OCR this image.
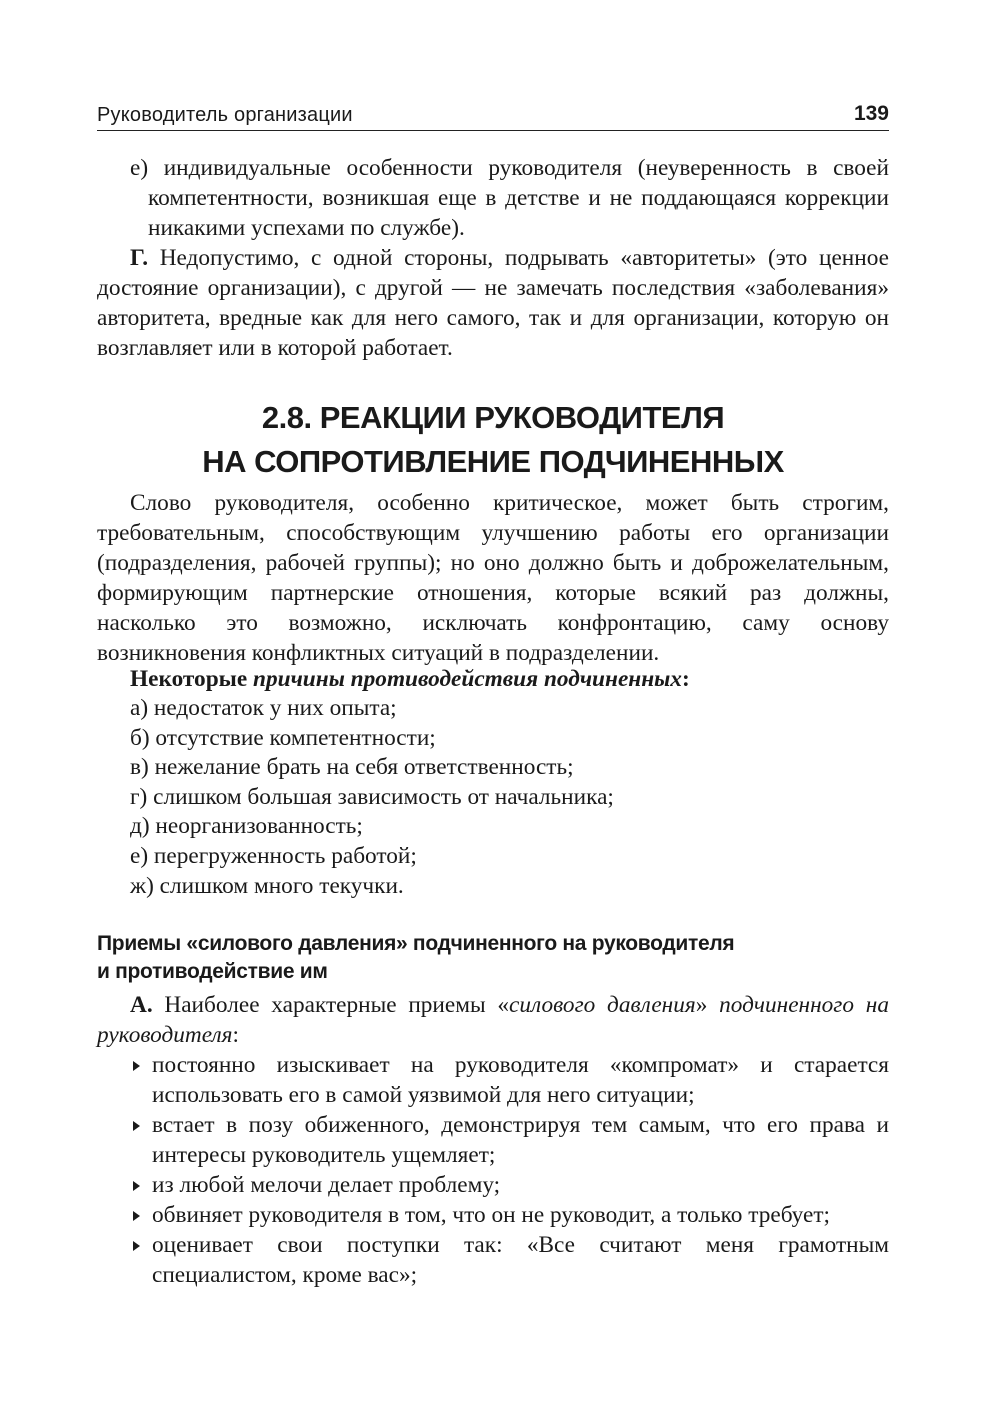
Руководитель организации	139

е) индивидуальные особенности руководителя (неуверенность в своей компетентности, возникшая еще в детстве и не поддающаяся коррекции никакими успехами по службе).

Г. Недопустимо, с одной стороны, подрывать «авторитеты» (это ценное достояние организации), с другой — не замечать последствия «заболевания» авторитета, вредные как для него самого, так и для организации, которую он возглавляет или в которой работает.

2.8. РЕАКЦИИ РУКОВОДИТЕЛЯ
НА СОПРОТИВЛЕНИЕ ПОДЧИНЕННЫХ

Слово руководителя, особенно критическое, может быть строгим, требовательным, способствующим улучшению работы его организации (подразделения, рабочей группы); но оно должно быть и доброжелательным, формирующим партнерские отношения, которые всякий раз должны, насколько это возможно, исключать конфронтацию, саму основу возникновения конфликтных ситуаций в подразделении.

Некоторые причины противодействия подчиненных:
а) недостаток у них опыта;
б) отсутствие компетентности;
в) нежелание брать на себя ответственность;
г) слишком большая зависимость от начальника;
д) неорганизованность;
е) перегруженность работой;
ж) слишком много текучки.
Приемы «силового давления» подчиненного на руководителя
и противодействие им

А. Наиболее характерные приемы «силового давления» подчиненного на руководителя:

постоянно изыскивает на руководителя «компромат» и старается использовать его в самой уязвимой для него ситуации;
встает в позу обиженного, демонстрируя тем самым, что его права и интересы руководитель ущемляет;
из любой мелочи делает проблему;
обвиняет руководителя в том, что он не руководит, а только требует;
оценивает свои поступки так: «Все считают меня грамотным специалистом, кроме вас»;
